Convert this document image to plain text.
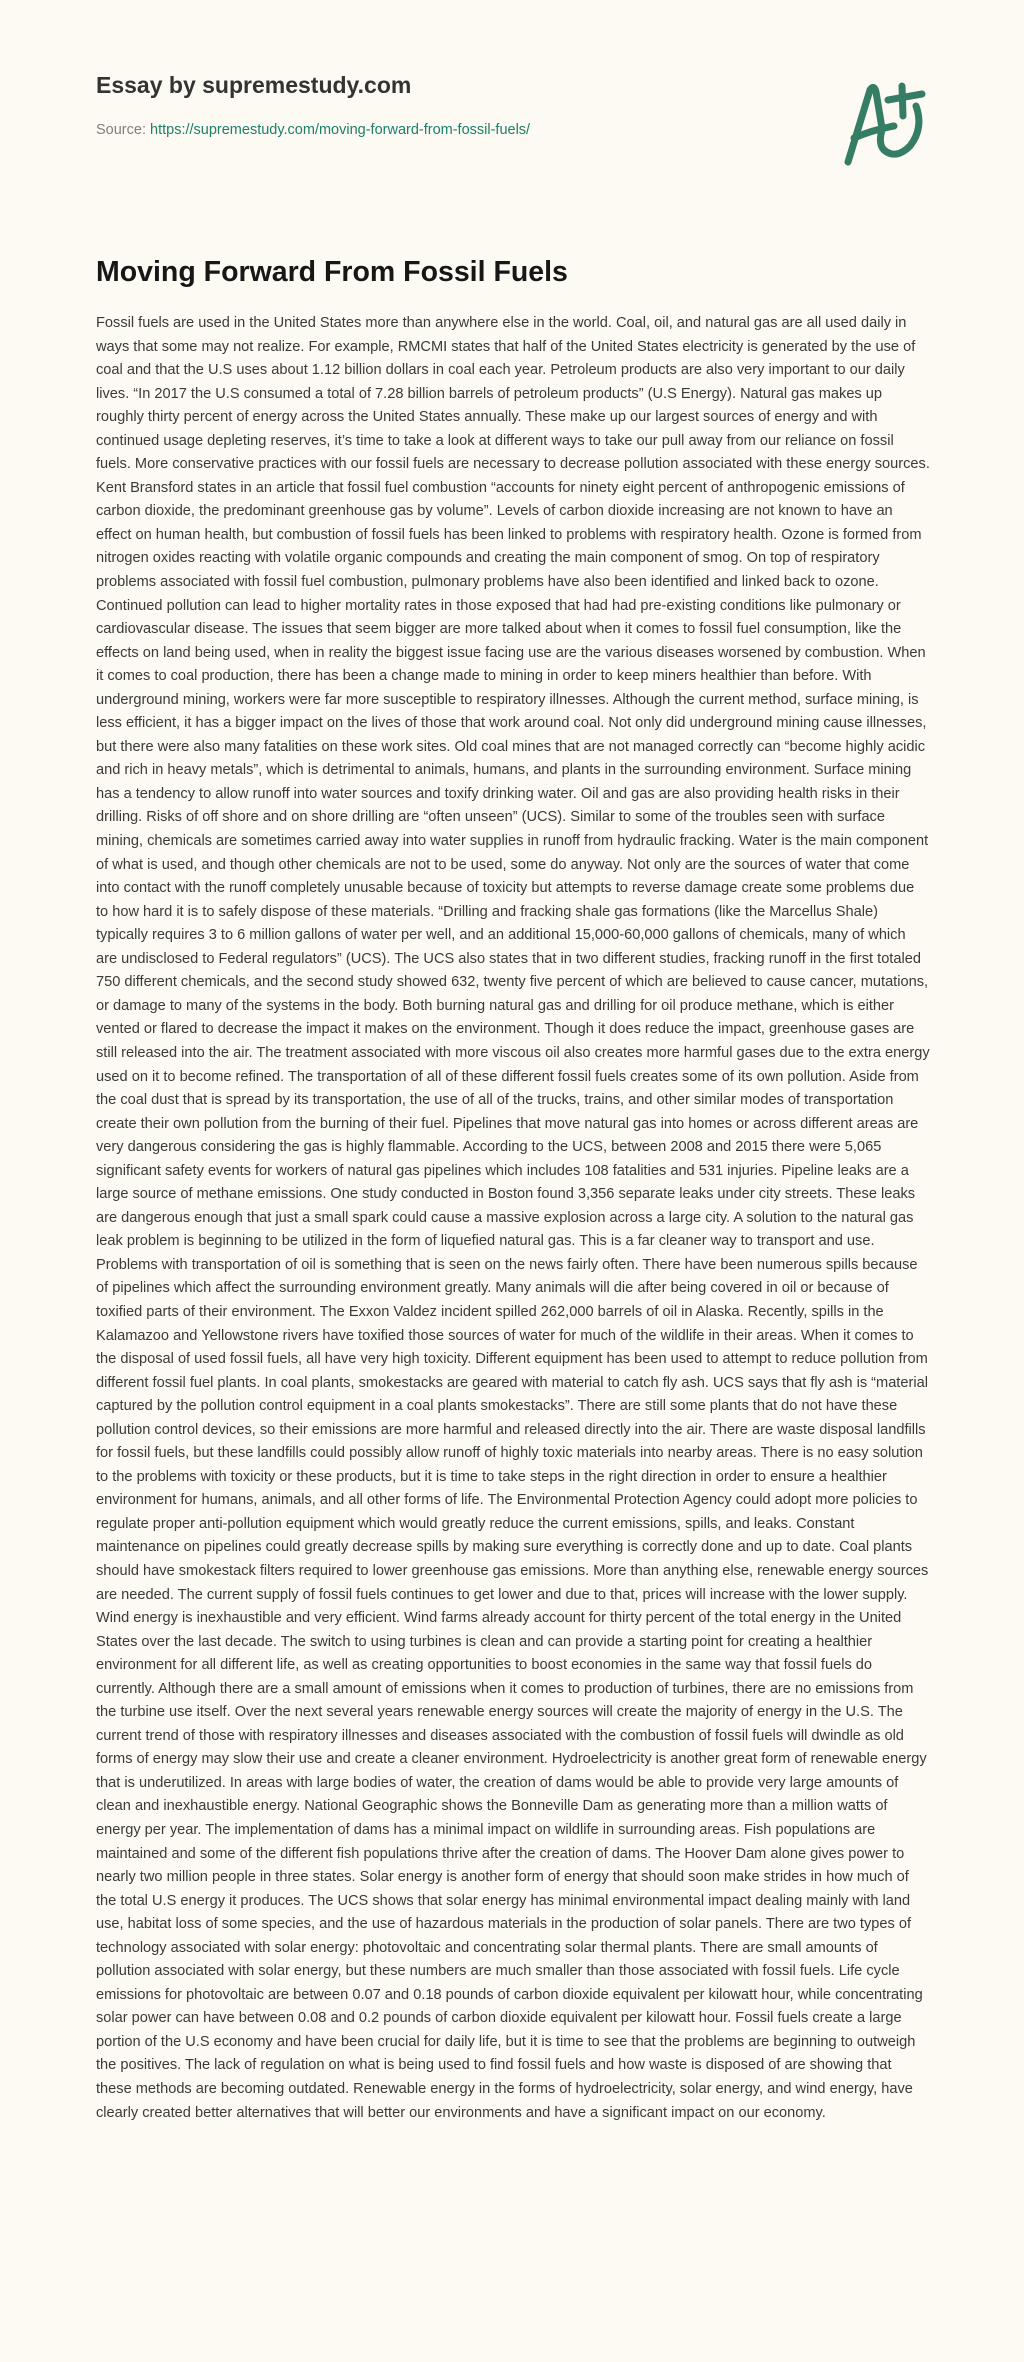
Essay by supremestudy.com
Source: https://supremestudy.com/moving-forward-from-fossil-fuels/
Moving Forward From Fossil Fuels

Fossil fuels are used in the United States more than anywhere else in the world. Coal, oil, and natural gas are all used daily in ways that some may not realize. For example, RMCMI states that half of the United States electricity is generated by the use of coal and that the U.S uses about 1.12 billion dollars in coal each year. Petroleum products are also very important to our daily lives. “In 2017 the U.S consumed a total of 7.28 billion barrels of petroleum products” (U.S Energy). Natural gas makes up roughly thirty percent of energy across the United States annually. These make up our largest sources of energy and with continued usage depleting reserves, it’s time to take a look at different ways to take our pull away from our reliance on fossil fuels. More conservative practices with our fossil fuels are necessary to decrease pollution associated with these energy sources. Kent Bransford states in an article that fossil fuel combustion “accounts for ninety eight percent of anthropogenic emissions of carbon dioxide, the predominant greenhouse gas by volume”. Levels of carbon dioxide increasing are not known to have an effect on human health, but combustion of fossil fuels has been linked to problems with respiratory health. Ozone is formed from nitrogen oxides reacting with volatile organic compounds and creating the main component of smog. On top of respiratory problems associated with fossil fuel combustion, pulmonary problems have also been identified and linked back to ozone. Continued pollution can lead to higher mortality rates in those exposed that had had pre-existing conditions like pulmonary or cardiovascular disease. The issues that seem bigger are more talked about when it comes to fossil fuel consumption, like the effects on land being used, when in reality the biggest issue facing use are the various diseases worsened by combustion. When it comes to coal production, there has been a change made to mining in order to keep miners healthier than before. With underground mining, workers were far more susceptible to respiratory illnesses. Although the current method, surface mining, is less efficient, it has a bigger impact on the lives of those that work around coal. Not only did underground mining cause illnesses, but there were also many fatalities on these work sites. Old coal mines that are not managed correctly can “become highly acidic and rich in heavy metals”, which is detrimental to animals, humans, and plants in the surrounding environment. Surface mining has a tendency to allow runoff into water sources and toxify drinking water. Oil and gas are also providing health risks in their drilling. Risks of off shore and on shore drilling are “often unseen” (UCS). Similar to some of the troubles seen with surface mining, chemicals are sometimes carried away into water supplies in runoff from hydraulic fracking. Water is the main component of what is used, and though other chemicals are not to be used, some do anyway. Not only are the sources of water that come into contact with the runoff completely unusable because of toxicity but attempts to reverse damage create some problems due to how hard it is to safely dispose of these materials. “Drilling and fracking shale gas formations (like the Marcellus Shale) typically requires 3 to 6 million gallons of water per well, and an additional 15,000-60,000 gallons of chemicals, many of which are undisclosed to Federal regulators” (UCS). The UCS also states that in two different studies, fracking runoff in the first totaled 750 different chemicals, and the second study showed 632, twenty five percent of which are believed to cause cancer, mutations, or damage to many of the systems in the body. Both burning natural gas and drilling for oil produce methane, which is either vented or flared to decrease the impact it makes on the environment. Though it does reduce the impact, greenhouse gases are still released into the air. The treatment associated with more viscous oil also creates more harmful gases due to the extra energy used on it to become refined. The transportation of all of these different fossil fuels creates some of its own pollution. Aside from the coal dust that is spread by its transportation, the use of all of the trucks, trains, and other similar modes of transportation create their own pollution from the burning of their fuel. Pipelines that move natural gas into homes or across different areas are very dangerous considering the gas is highly flammable. According to the UCS, between 2008 and 2015 there were 5,065 significant safety events for workers of natural gas pipelines which includes 108 fatalities and 531 injuries. Pipeline leaks are a large source of methane emissions. One study conducted in Boston found 3,356 separate leaks under city streets. These leaks are dangerous enough that just a small spark could cause a massive explosion across a large city. A solution to the natural gas leak problem is beginning to be utilized in the form of liquefied natural gas. This is a far cleaner way to transport and use. Problems with transportation of oil is something that is seen on the news fairly often. There have been numerous spills because of pipelines which affect the surrounding environment greatly. Many animals will die after being covered in oil or because of toxified parts of their environment. The Exxon Valdez incident spilled 262,000 barrels of oil in Alaska. Recently, spills in the Kalamazoo and Yellowstone rivers have toxified those sources of water for much of the wildlife in their areas. When it comes to the disposal of used fossil fuels, all have very high toxicity. Different equipment has been used to attempt to reduce pollution from different fossil fuel plants. In coal plants, smokestacks are geared with material to catch fly ash. UCS says that fly ash is “material captured by the pollution control equipment in a coal plants smokestacks”. There are still some plants that do not have these pollution control devices, so their emissions are more harmful and released directly into the air. There are waste disposal landfills for fossil fuels, but these landfills could possibly allow runoff of highly toxic materials into nearby areas. There is no easy solution to the problems with toxicity or these products, but it is time to take steps in the right direction in order to ensure a healthier environment for humans, animals, and all other forms of life. The Environmental Protection Agency could adopt more policies to regulate proper anti-pollution equipment which would greatly reduce the current emissions, spills, and leaks. Constant maintenance on pipelines could greatly decrease spills by making sure everything is correctly done and up to date. Coal plants should have smokestack filters required to lower greenhouse gas emissions. More than anything else, renewable energy sources are needed. The current supply of fossil fuels continues to get lower and due to that, prices will increase with the lower supply. Wind energy is inexhaustible and very efficient. Wind farms already account for thirty percent of the total energy in the United States over the last decade. The switch to using turbines is clean and can provide a starting point for creating a healthier environment for all different life, as well as creating opportunities to boost economies in the same way that fossil fuels do currently. Although there are a small amount of emissions when it comes to production of turbines, there are no emissions from the turbine use itself. Over the next several years renewable energy sources will create the majority of energy in the U.S. The current trend of those with respiratory illnesses and diseases associated with the combustion of fossil fuels will dwindle as old forms of energy may slow their use and create a cleaner environment. Hydroelectricity is another great form of renewable energy that is underutilized. In areas with large bodies of water, the creation of dams would be able to provide very large amounts of clean and inexhaustible energy. National Geographic shows the Bonneville Dam as generating more than a million watts of energy per year. The implementation of dams has a minimal impact on wildlife in surrounding areas. Fish populations are maintained and some of the different fish populations thrive after the creation of dams. The Hoover Dam alone gives power to nearly two million people in three states. Solar energy is another form of energy that should soon make strides in how much of the total U.S energy it produces. The UCS shows that solar energy has minimal environmental impact dealing mainly with land use, habitat loss of some species, and the use of hazardous materials in the production of solar panels. There are two types of technology associated with solar energy: photovoltaic and concentrating solar thermal plants. There are small amounts of pollution associated with solar energy, but these numbers are much smaller than those associated with fossil fuels. Life cycle emissions for photovoltaic are between 0.07 and 0.18 pounds of carbon dioxide equivalent per kilowatt hour, while concentrating solar power can have between 0.08 and 0.2 pounds of carbon dioxide equivalent per kilowatt hour. Fossil fuels create a large portion of the U.S economy and have been crucial for daily life, but it is time to see that the problems are beginning to outweigh the positives. The lack of regulation on what is being used to find fossil fuels and how waste is disposed of are showing that these methods are becoming outdated. Renewable energy in the forms of hydroelectricity, solar energy, and wind energy, have clearly created better alternatives that will better our environments and have a significant impact on our economy.
